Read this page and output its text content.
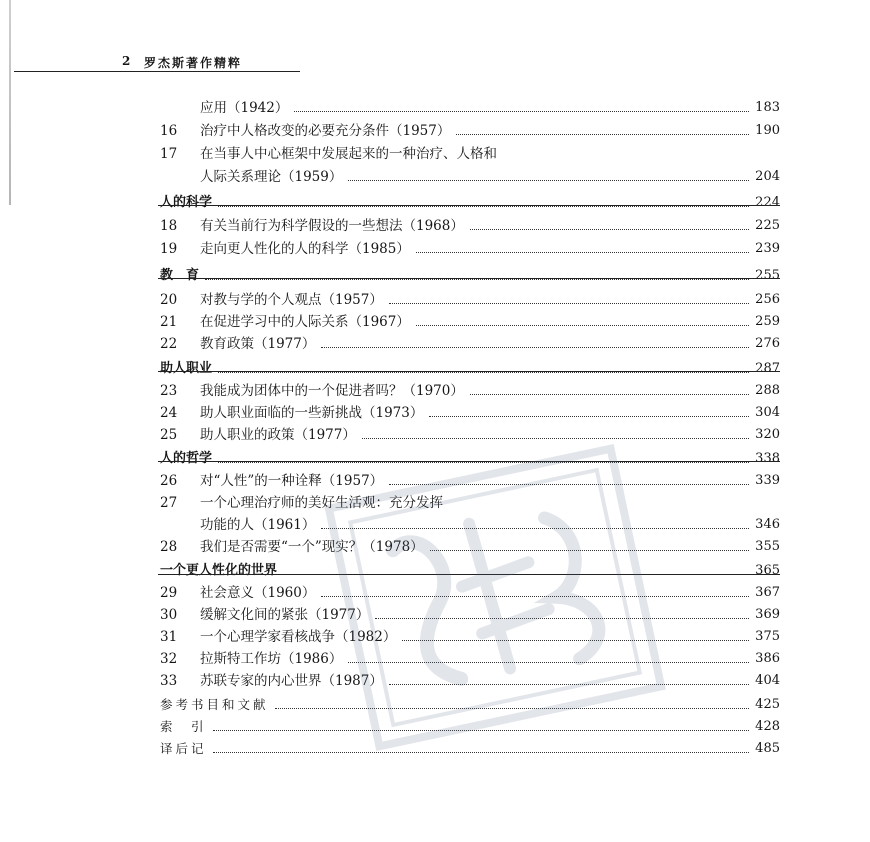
2 罗杰斯著作精粹
应用（1942）	183
16	治疗中人格改变的必要充分条件（1957）	190
17	在当事人中心框架中发展起来的一种治疗、人格和
人际关系理论（1959）	204
人的科学	224
18	有关当前行为科学假设的一些想法（1968）	225
19	走向更人性化的人的科学（1985）	239
教　育	255
20	对教与学的个人观点（1957）	256
21	在促进学习中的人际关系（1967）	259
22	教育政策（1977）	276
助人职业	287
23	我能成为团体中的一个促进者吗？（1970）	288
24	助人职业面临的一些新挑战（1973）	304
25	助人职业的政策（1977）	320
人的哲学	338
26	对“人性”的一种诠释（1957）	339
27	一个心理治疗师的美好生活观：充分发挥
功能的人（1961）	346
28	我们是否需要“一个”现实？（1978）	355
一个更人性化的世界	365
29	社会意义（1960）	367
30	缓解文化间的紧张（1977）	369
31	一个心理学家看核战争（1982）	375
32	拉斯特工作坊（1986）	386
33	苏联专家的内心世界（1987）	404
参考书目和文献	425
索　引	428
译后记	485
